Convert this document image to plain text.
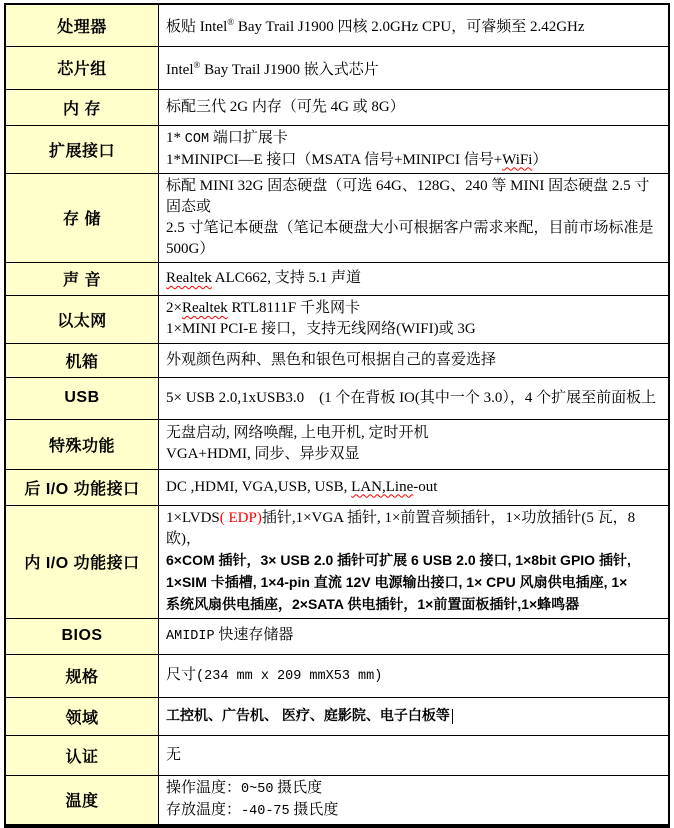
处理器	板贴 Intel® Bay Trail J1900 四核 2.0GHz CPU，可睿频至 2.42GHz

芯片组	Intel® Bay Trail J1900 嵌入式芯片

内 存	标配三代 2G 内存（可先 4G 或 8G）

扩展接口	1* COM 端口扩展卡
1*MINIPCI—E 接口（MSATA 信号+MINIPCI 信号+WiFi）

存 储	标配 MINI 32G 固态硬盘（可选 64G、128G、240 等 MINI 固态硬盘 2.5 寸固态或
2.5 寸笔记本硬盘（笔记本硬盘大小可根据客户需求来配，目前市场标准是 500G）

声 音	Realtek ALC662, 支持 5.1 声道

以太网	2×Realtek RTL8111F 千兆网卡
1×MINI PCI-E 接口，支持无线网络(WIFI)或 3G

机箱	外观颜色两种、黑色和银色可根据自己的喜爱选择

USB	5× USB 2.0,1xUSB3.0　(1 个在背板 IO(其中一个 3.0），4 个扩展至前面板上

特殊功能	无盘启动, 网络唤醒, 上电开机, 定时开机
VGA+HDMI, 同步、异步双显

后 I/O 功能接口	DC ,HDMI, VGA,USB, USB, LAN,Line-out

内 I/O 功能接口	1×LVDS( EDP)插针,1×VGA 插针, 1×前置音频插针，1×功放插针(5 瓦，8 欧)，
6×COM 插针，3× USB 2.0 插针可扩展 6 USB 2.0 接口, 1×8bit GPIO 插针,
1×SIM 卡插槽, 1×4-pin 直流 12V 电源输出接口, 1× CPU 风扇供电插座, 1×
系统风扇供电插座，2×SATA 供电插针，1×前置面板插针,1×蜂鸣器

BIOS	AMIDIP 快速存储器

规格	尺寸(234 mm x 209 mmX53 mm)

领域	工控机、广告机、 医疗、庭影院、电子白板等

认证	无

温度	操作温度：0~50 摄氏度
存放温度：-40-75 摄氏度
